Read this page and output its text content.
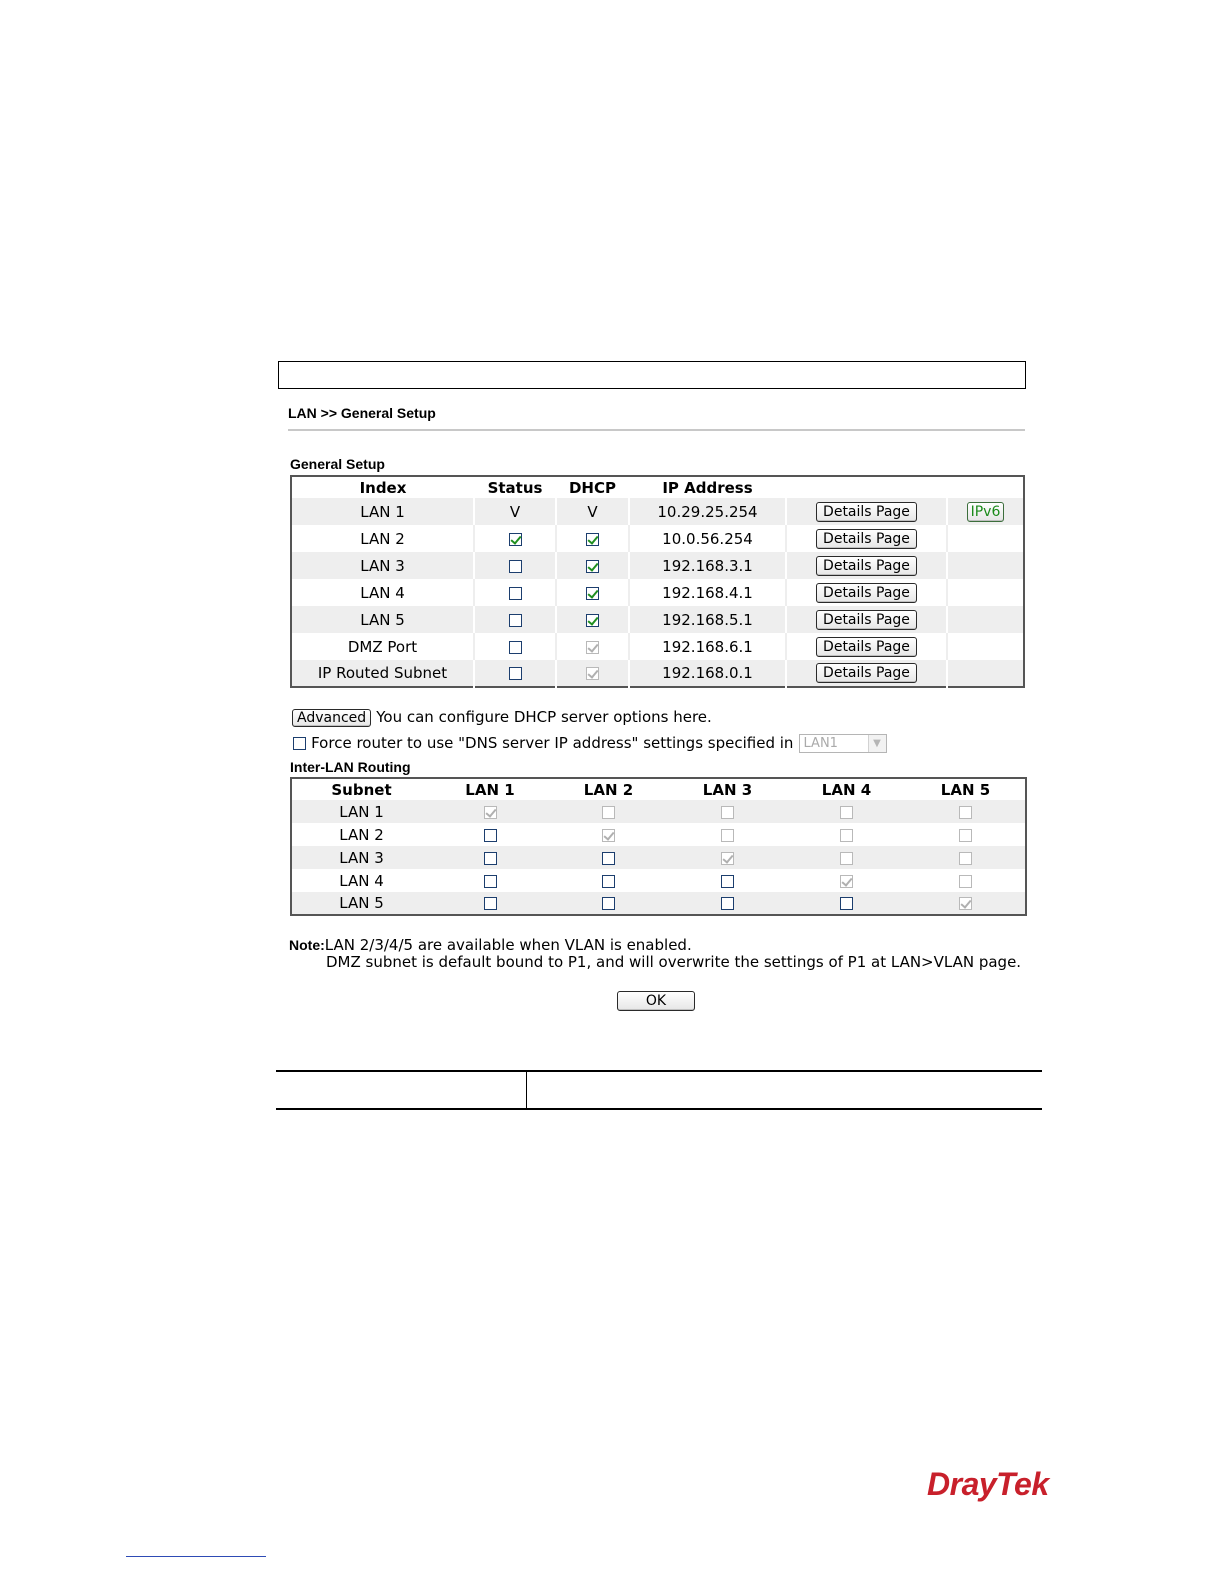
LAN >> General Setup
General Setup
Index	Status	DHCP	IP Address		
LAN 1	V	V	10.29.25.254	Details Page	IPv6
LAN 2			10.0.56.254	Details Page	
LAN 3			192.168.3.1	Details Page	
LAN 4			192.168.4.1	Details Page	
LAN 5			192.168.5.1	Details Page	
DMZ Port			192.168.6.1	Details Page	
IP Routed Subnet			192.168.0.1	Details Page	
Advanced You can configure DHCP server options here.
Force router to use "DNS server IP address" settings specified in LAN1	▼
Inter-LAN Routing
Subnet	LAN 1	LAN 2	LAN 3	LAN 4	LAN 5
LAN 1					
LAN 2					
LAN 3					
LAN 4					
LAN 5					
Note:LAN 2/3/4/5 are available when VLAN is enabled.
DMZ subnet is default bound to P1, and will overwrite the settings of P1 at LAN>VLAN page.
OK
DrayTek
